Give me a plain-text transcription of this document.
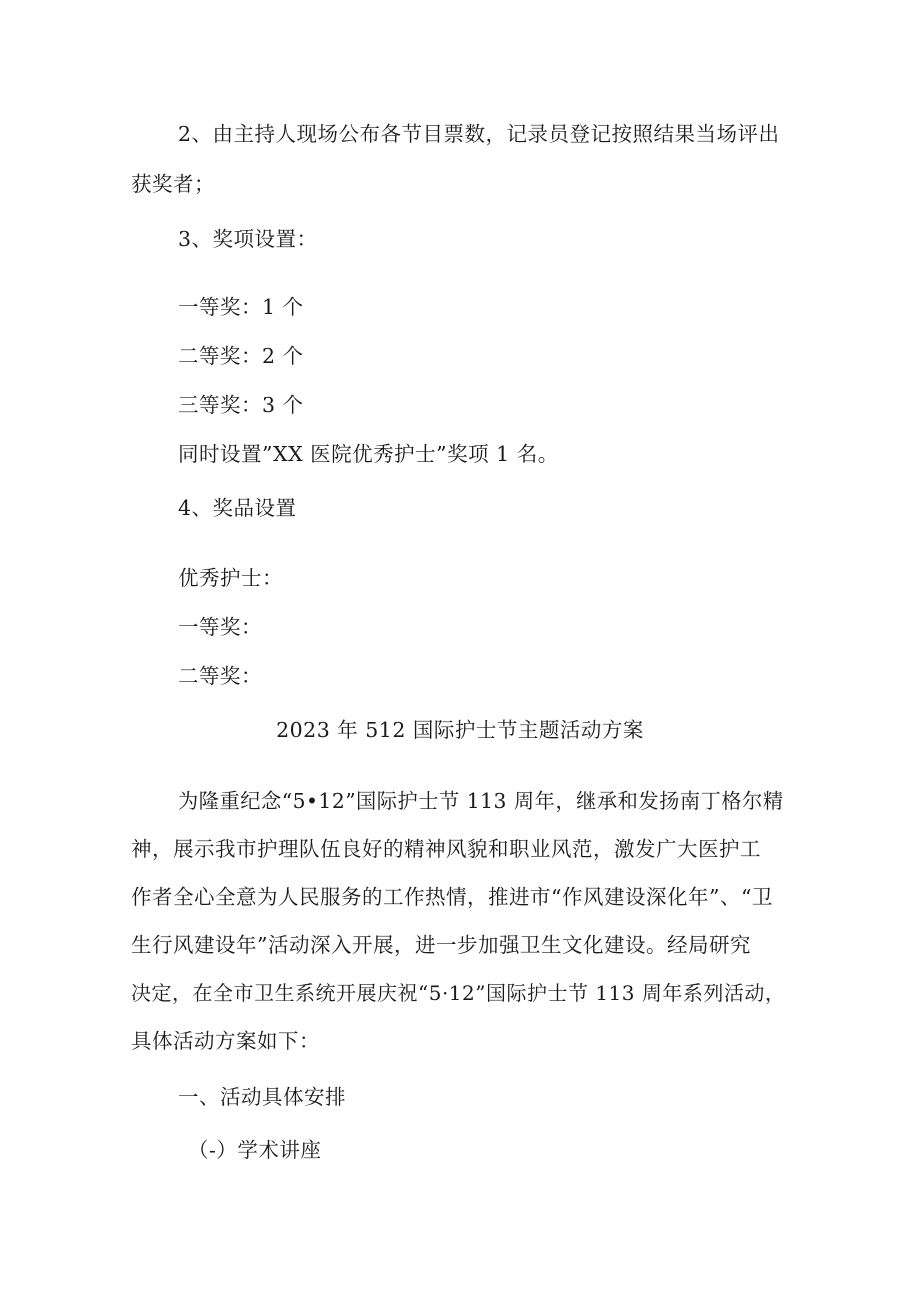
2、由主持人现场公布各节目票数，记录员登记按照结果当场评出
获奖者；
3、奖项设置：
一等奖：1 个
二等奖：2 个
三等奖：3 个
同时设置”XX 医院优秀护士”奖项 1 名。
4、奖品设置
优秀护士：
一等奖：
二等奖：
2023 年 512 国际护士节主题活动方案
为隆重纪念“5•12”国际护士节 113 周年，继承和发扬南丁格尔精
神，展示我市护理队伍良好的精神风貌和职业风范，激发广大医护工
作者全心全意为人民服务的工作热情，推进市“作风建设深化年”、“卫
生行风建设年”活动深入开展，进一步加强卫生文化建设。经局研究
决定，在全市卫生系统开展庆祝“5·12”国际护士节 113 周年系列活动，
具体活动方案如下：
一、活动具体安排
（-）学术讲座
